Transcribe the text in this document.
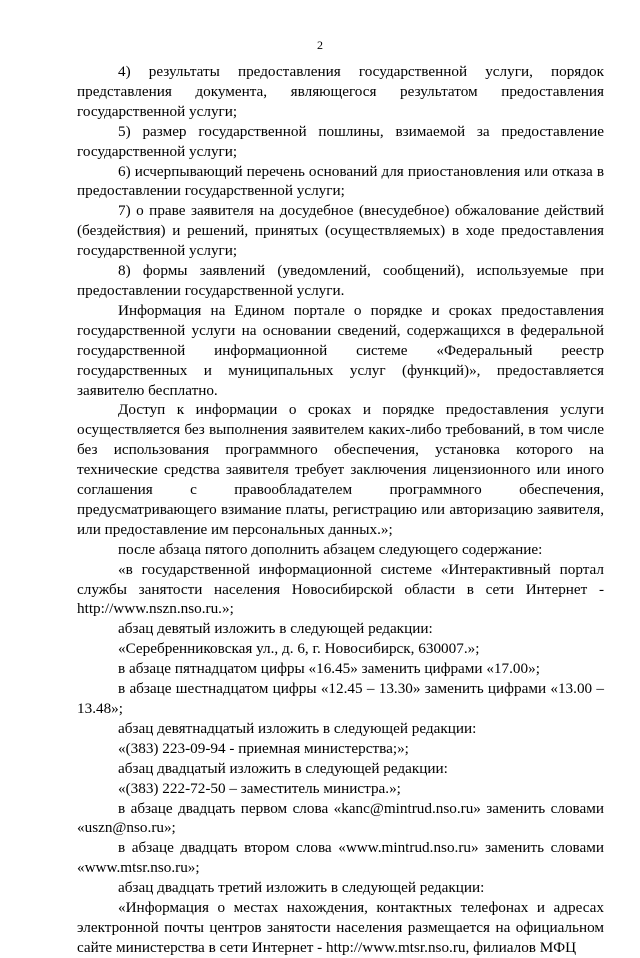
2

4) результаты предоставления государственной услуги, порядок представления документа, являющегося результатом предоставления государственной услуги;

5) размер государственной пошлины, взимаемой за предоставление государственной услуги;

6) исчерпывающий перечень оснований для приостановления или отказа в предоставлении государственной услуги;

7) о праве заявителя на досудебное (внесудебное) обжалование действий (бездействия) и решений, принятых (осуществляемых) в ходе предоставления государственной услуги;

8) формы заявлений (уведомлений, сообщений), используемые при предоставлении государственной услуги.

Информация на Едином портале о порядке и сроках предоставления государственной услуги на основании сведений, содержащихся в федеральной государственной информационной системе «Федеральный реестр государственных и муниципальных услуг (функций)», предоставляется заявителю бесплатно.

Доступ к информации о сроках и порядке предоставления услуги осуществляется без выполнения заявителем каких-либо требований, в том числе без использования программного обеспечения, установка которого на технические средства заявителя требует заключения лицензионного или иного соглашения с правообладателем программного обеспечения, предусматривающего взимание платы, регистрацию или авторизацию заявителя, или предоставление им персональных данных.»;

после абзаца пятого дополнить абзацем следующего содержание:

«в государственной информационной системе «Интерактивный портал службы занятости населения Новосибирской области в сети Интернет - http://www.nszn.nso.ru.»;

абзац девятый изложить в следующей редакции:

«Серебренниковская ул., д. 6, г. Новосибирск, 630007.»;

в абзаце пятнадцатом цифры «16.45» заменить цифрами «17.00»;

в абзаце шестнадцатом цифры «12.45 – 13.30» заменить цифрами «13.00 – 13.48»;

абзац девятнадцатый изложить в следующей редакции:

«(383) 223-09-94 - приемная министерства;»;

абзац двадцатый изложить в следующей редакции:

«(383) 222-72-50 – заместитель министра.»;

в абзаце двадцать первом слова «kanc@mintrud.nso.ru» заменить словами «uszn@nso.ru»;

в абзаце двадцать втором слова «www.mintrud.nso.ru» заменить словами «www.mtsr.nso.ru»;

абзац двадцать третий изложить в следующей редакции:

«Информация о местах нахождения, контактных телефонах и адресах электронной почты центров занятости населения размещается на официальном сайте министерства в сети Интернет - http://www.mtsr.nso.ru, филиалов МФЦ
